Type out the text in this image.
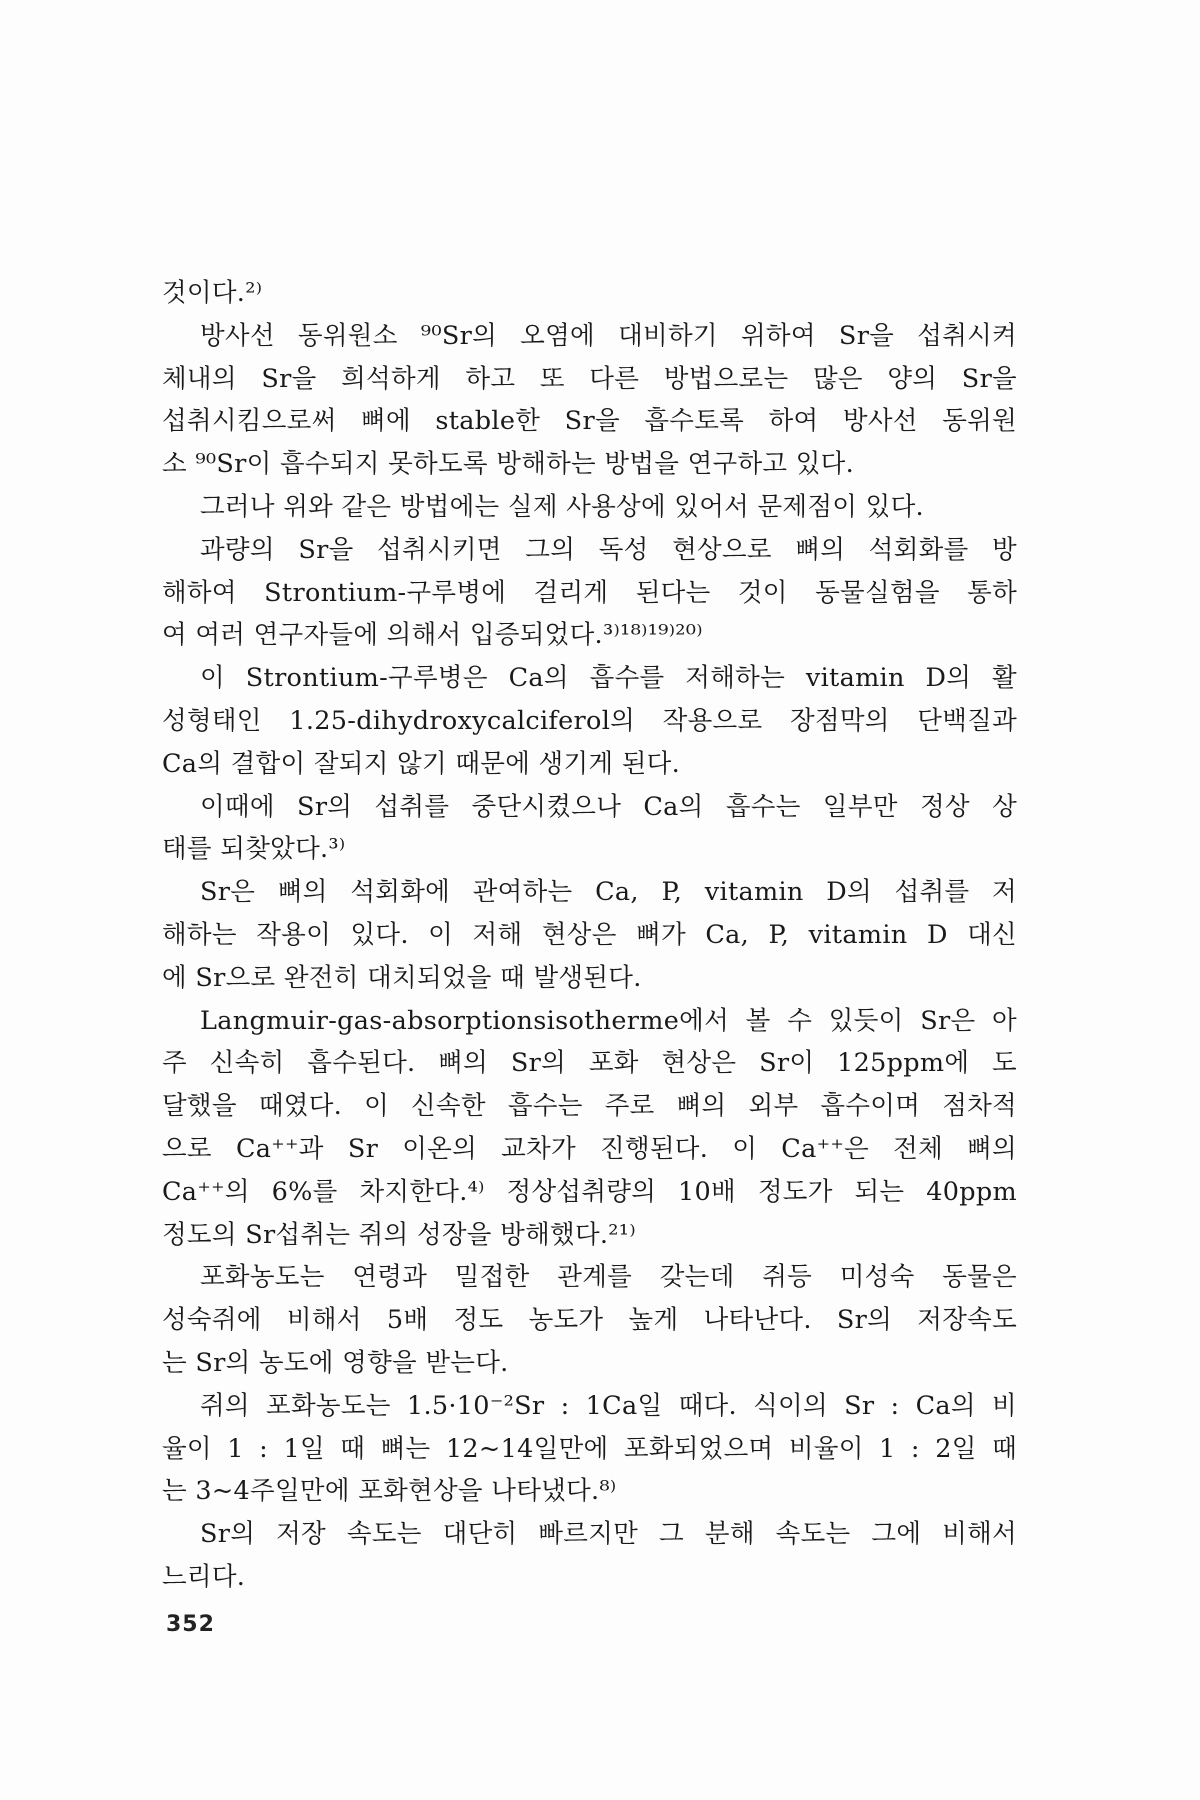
것이다.²⁾
방사선 동위원소 ⁹⁰Sr의 오염에 대비하기 위하여 Sr을 섭취시켜
체내의 Sr을 희석하게 하고 또 다른 방법으로는 많은 양의 Sr을
섭취시킴으로써 뼈에 stable한 Sr을 흡수토록 하여 방사선 동위원
소 ⁹⁰Sr이 흡수되지 못하도록 방해하는 방법을 연구하고 있다.
그러나 위와 같은 방법에는 실제 사용상에 있어서 문제점이 있다.
과량의 Sr을 섭취시키면 그의 독성 현상으로 뼈의 석회화를 방
해하여 Strontium-구루병에 걸리게 된다는 것이 동물실험을 통하
여 여러 연구자들에 의해서 입증되었다.³⁾¹⁸⁾¹⁹⁾²⁰⁾
이 Strontium-구루병은 Ca의 흡수를 저해하는 vitamin D의 활
성형태인 1.25-dihydroxycalciferol의 작용으로 장점막의 단백질과
Ca의 결합이 잘되지 않기 때문에 생기게 된다.
이때에 Sr의 섭취를 중단시켰으나 Ca의 흡수는 일부만 정상 상
태를 되찾았다.³⁾
Sr은 뼈의 석회화에 관여하는 Ca, P, vitamin D의 섭취를 저
해하는 작용이 있다. 이 저해 현상은 뼈가 Ca, P, vitamin D 대신
에 Sr으로 완전히 대치되었을 때 발생된다.
Langmuir-gas-absorptionsisotherme에서 볼 수 있듯이 Sr은 아
주 신속히 흡수된다. 뼈의 Sr의 포화 현상은 Sr이 125ppm에 도
달했을 때였다. 이 신속한 흡수는 주로 뼈의 외부 흡수이며 점차적
으로 Ca⁺⁺과 Sr 이온의 교차가 진행된다. 이 Ca⁺⁺은 전체 뼈의
Ca⁺⁺의 6%를 차지한다.⁴⁾ 정상섭취량의 10배 정도가 되는 40ppm
정도의 Sr섭취는 쥐의 성장을 방해했다.²¹⁾
포화농도는 연령과 밀접한 관계를 갖는데 쥐등 미성숙 동물은
성숙쥐에 비해서 5배 정도 농도가 높게 나타난다. Sr의 저장속도
는 Sr의 농도에 영향을 받는다.
쥐의 포화농도는 1.5·10⁻²Sr : 1Ca일 때다. 식이의 Sr : Ca의 비
율이 1 : 1일 때 뼈는 12~14일만에 포화되었으며 비율이 1 : 2일 때
는 3~4주일만에 포화현상을 나타냈다.⁸⁾
Sr의 저장 속도는 대단히 빠르지만 그 분해 속도는 그에 비해서
느리다.
352
